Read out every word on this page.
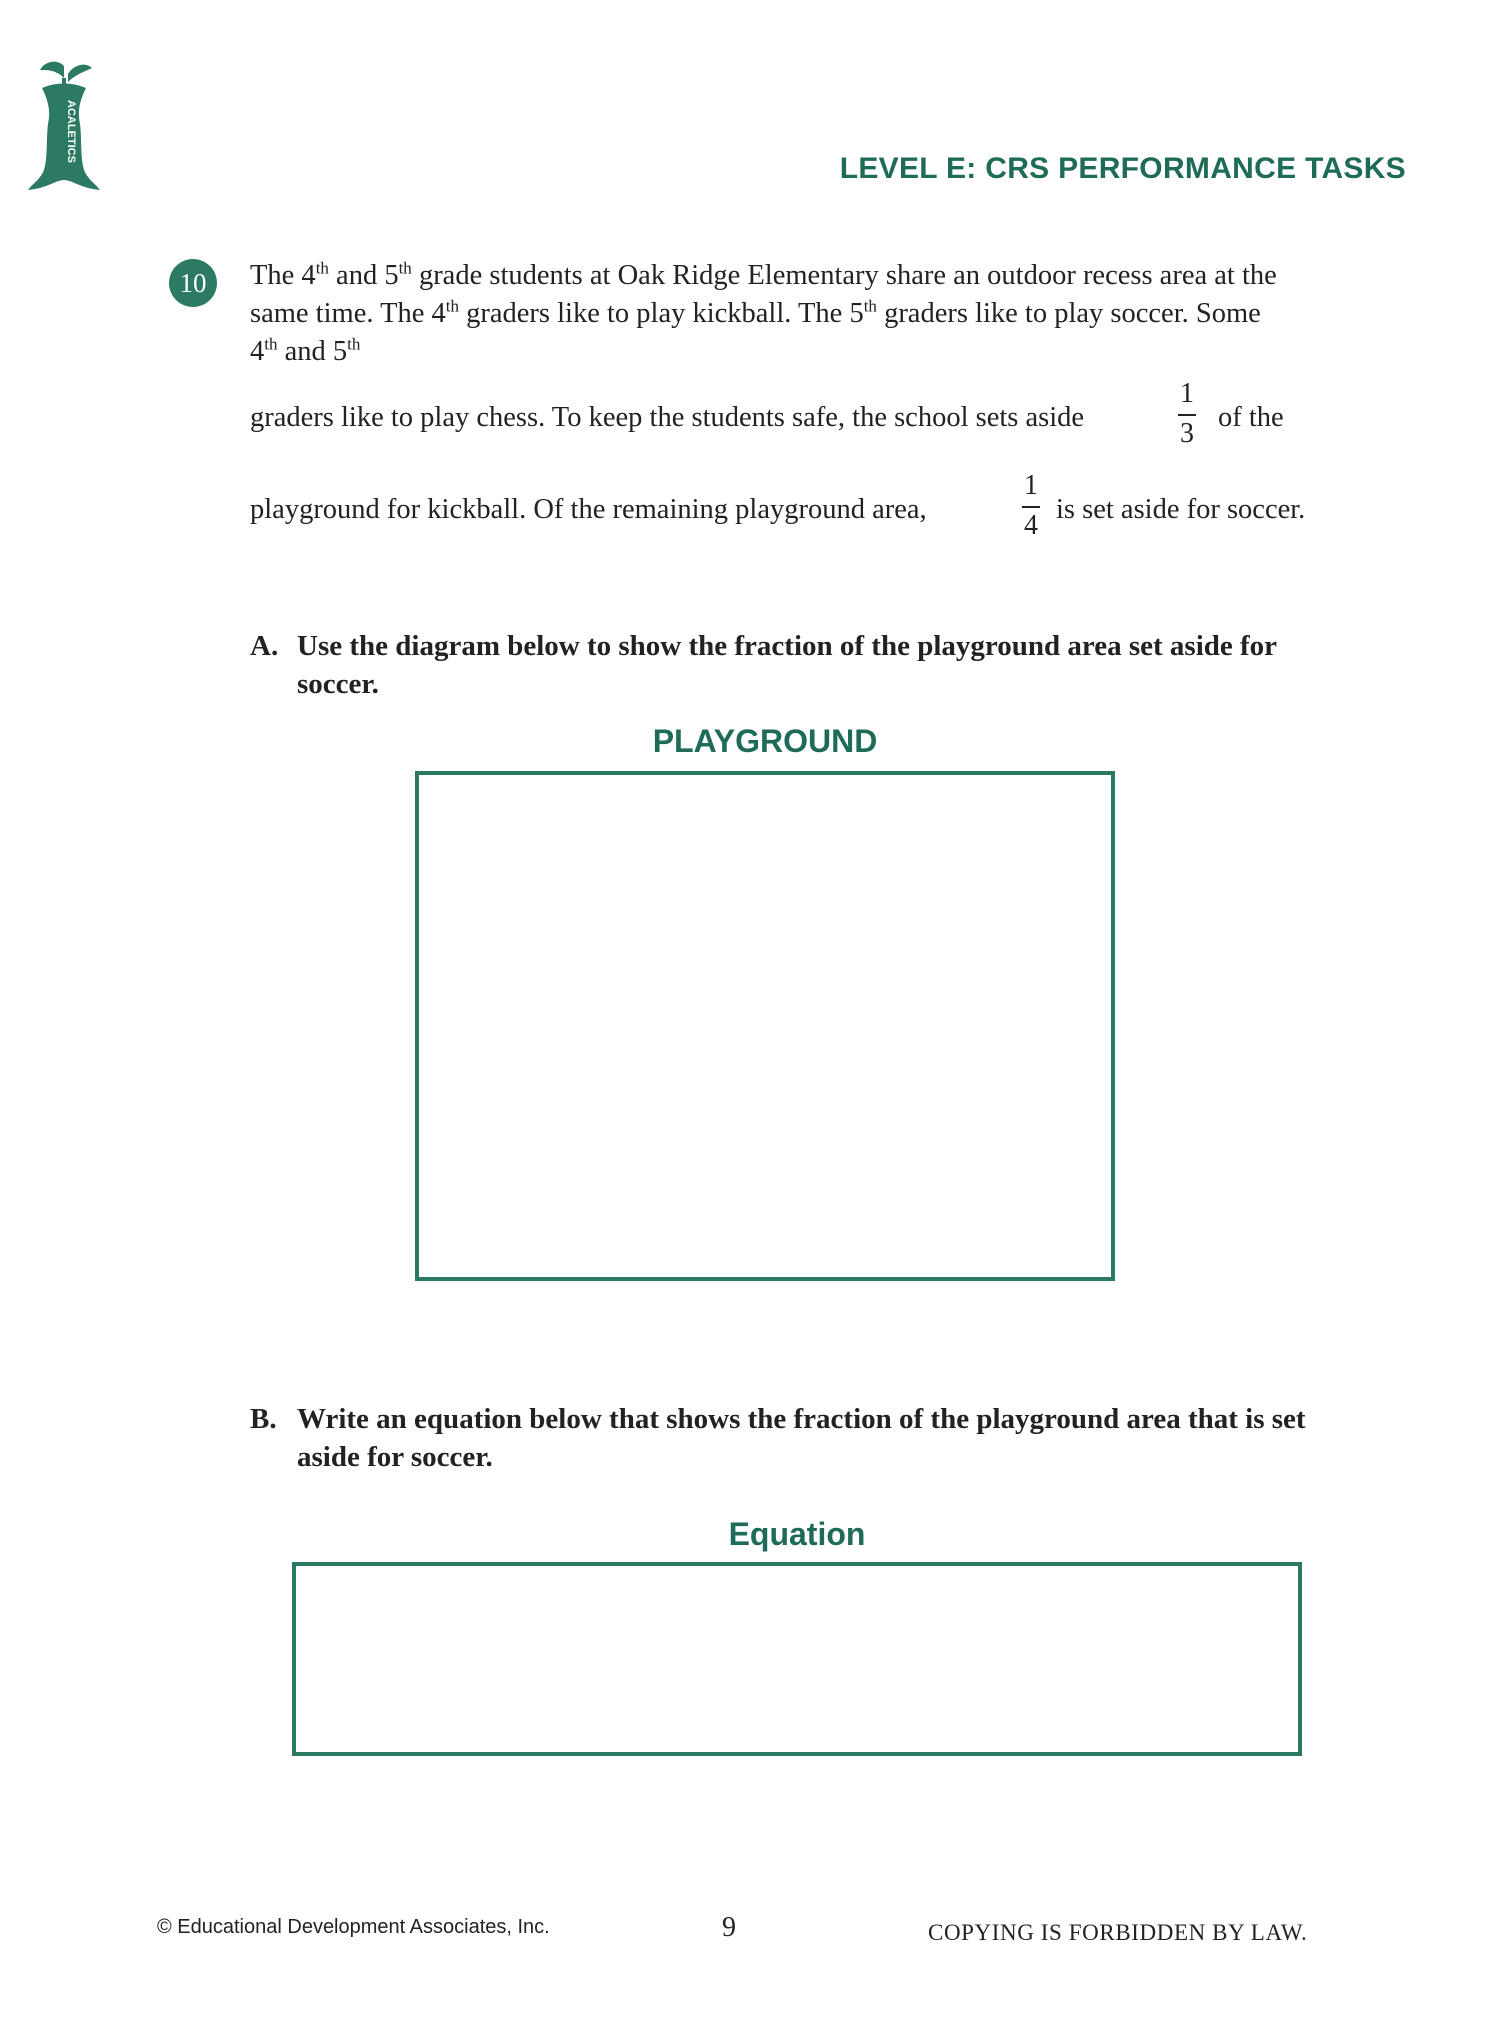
ACALETICS
LEVEL E: CRS PERFORMANCE TASKS
10	The 4th and 5th grade students at Oak Ridge Elementary share an outdoor recess area at the

same time. The 4th graders like to play kickball. The 5th graders like to play soccer. Some

4th and 5th

graders like to play chess. To keep the students safe, the school sets aside
1
3
of the
playground for kickball. Of the remaining playground area,
1
4
is set aside for soccer.
A. Use the diagram below to show the fraction of the playground area set aside for
soccer.
PLAYGROUND
B. Write an equation below that shows the fraction of the playground area that is set
aside for soccer.
Equation
© Educational Development Associates, Inc.	9	COPYING IS FORBIDDEN BY LAW.
